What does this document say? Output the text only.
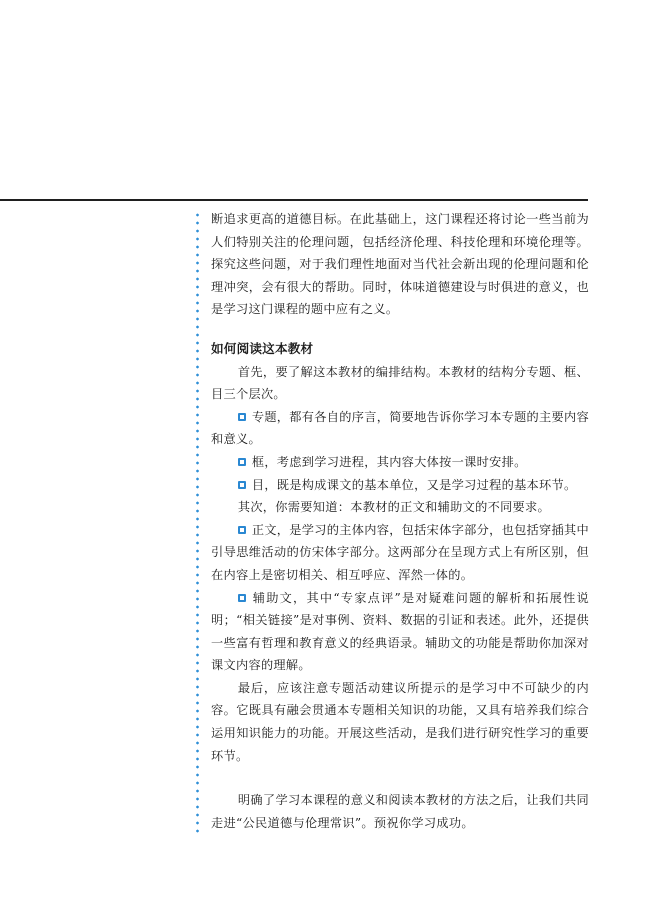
断追求更高的道德目标。在此基础上，这门课程还将讨论一些当前为人们特别关注的伦理问题，包括经济伦理、科技伦理和环境伦理等。探究这些问题，对于我们理性地面对当代社会新出现的伦理问题和伦理冲突，会有很大的帮助。同时，体味道德建设与时俱进的意义，也是学习这门课程的题中应有之义。

如何阅读这本教材

首先，要了解这本教材的编排结构。本教材的结构分专题、框、目三个层次。

专题，都有各自的序言，简要地告诉你学习本专题的主要内容和意义。

框，考虑到学习进程，其内容大体按一课时安排。

目，既是构成课文的基本单位，又是学习过程的基本环节。

其次，你需要知道：本教材的正文和辅助文的不同要求。

正文，是学习的主体内容，包括宋体字部分，也包括穿插其中引导思维活动的仿宋体字部分。这两部分在呈现方式上有所区别，但在内容上是密切相关、相互呼应、浑然一体的。

辅助文，其中“专家点评”是对疑难问题的解析和拓展性说明；“相关链接”是对事例、资料、数据的引证和表述。此外，还提供一些富有哲理和教育意义的经典语录。辅助文的功能是帮助你加深对课文内容的理解。

最后，应该注意专题活动建议所提示的是学习中不可缺少的内容。它既具有融会贯通本专题相关知识的功能，又具有培养我们综合运用知识能力的功能。开展这些活动，是我们进行研究性学习的重要环节。

明确了学习本课程的意义和阅读本教材的方法之后，让我们共同走进“公民道德与伦理常识”。预祝你学习成功。
